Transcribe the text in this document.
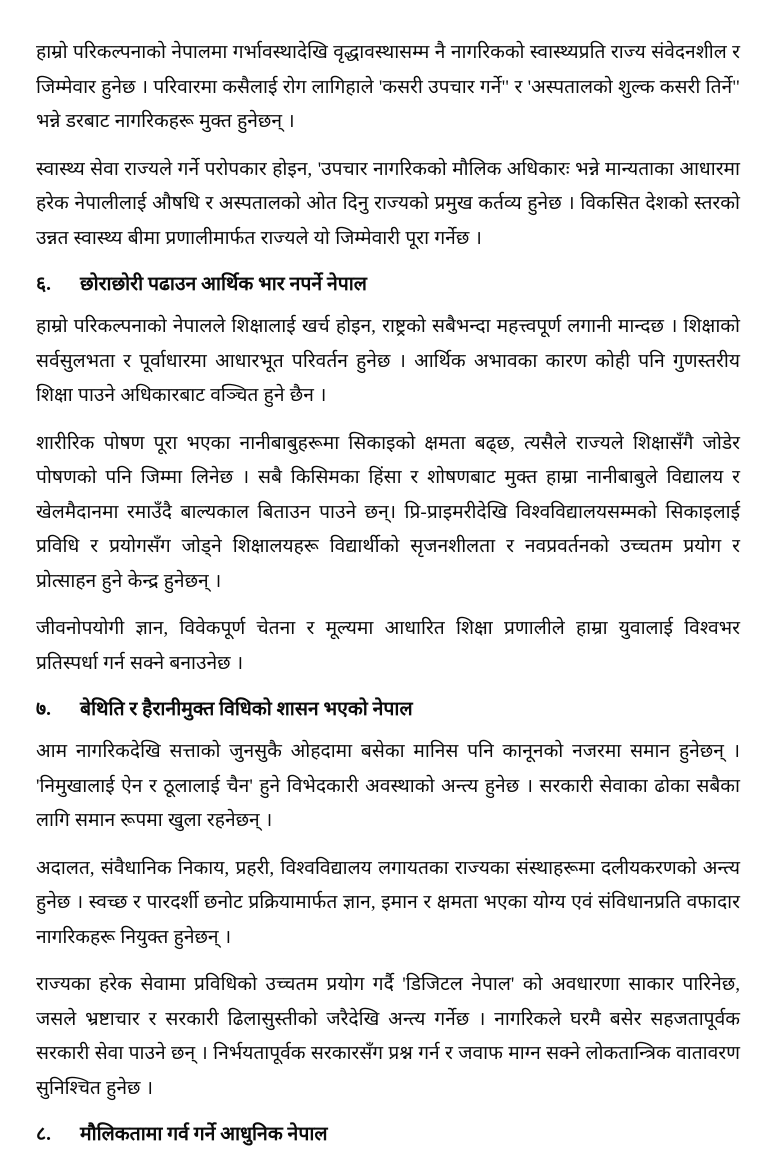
हाम्रो परिकल्पनाको नेपालमा गर्भावस्थादेखि वृद्धावस्थासम्म नै नागरिकको स्वास्थ्यप्रति राज्य संवेदनशील र जिम्मेवार हुनेछ । परिवारमा कसैलाई रोग लागिहाले 'कसरी उपचार गर्ने" र 'अस्पतालको शुल्क कसरी तिर्ने" भन्ने डरबाट नागरिकहरू मुक्त हुनेछन् ।

स्वास्थ्य सेवा राज्यले गर्ने परोपकार होइन, 'उपचार नागरिकको मौलिक अधिकारः भन्ने मान्यताका आधारमा हरेक नेपालीलाई औषधि र अस्पतालको ओत दिनु राज्यको प्रमुख कर्तव्य हुनेछ । विकसित देशको स्तरको उन्नत स्वास्थ्य बीमा प्रणालीमार्फत राज्यले यो जिम्मेवारी पूरा गर्नेछ ।

६.	छोराछोरी पढाउन आर्थिक भार नपर्ने नेपाल

हाम्रो परिकल्पनाको नेपालले शिक्षालाई खर्च होइन, राष्ट्रको सबैभन्दा महत्त्वपूर्ण लगानी मान्दछ । शिक्षाको सर्वसुलभता र पूर्वाधारमा आधारभूत परिवर्तन हुनेछ । आर्थिक अभावका कारण कोही पनि गुणस्तरीय शिक्षा पाउने अधिकारबाट वञ्चित हुने छैन ।

शारीरिक पोषण पूरा भएका नानीबाबुहरूमा सिकाइको क्षमता बढ्छ, त्यसैले राज्यले शिक्षासँगै जोडेर पोषणको पनि जिम्मा लिनेछ । सबै किसिमका हिंसा र शोषणबाट मुक्त हाम्रा नानीबाबुले विद्यालय र खेलमैदानमा रमाउँदै बाल्यकाल बिताउन पाउने छन्। प्रि-प्राइमरीदेखि विश्वविद्यालयसम्मको सिकाइलाई प्रविधि र प्रयोगसँग जोड्ने शिक्षालयहरू विद्यार्थीको सृजनशीलता र नवप्रवर्तनको उच्चतम प्रयोग र प्रोत्साहन हुने केन्द्र हुनेछन् ।

जीवनोपयोगी ज्ञान, विवेकपूर्ण चेतना र मूल्यमा आधारित शिक्षा प्रणालीले हाम्रा युवालाई विश्वभर प्रतिस्पर्धा गर्न सक्ने बनाउनेछ ।

७.	बेथिति र हैरानीमुक्त विधिको शासन भएको नेपाल

आम नागरिकदेखि सत्ताको जुनसुकै ओहदामा बसेका मानिस पनि कानूनको नजरमा समान हुनेछन् । 'निमुखालाई ऐन र ठूलालाई चैन' हुने विभेदकारी अवस्थाको अन्त्य हुनेछ । सरकारी सेवाका ढोका सबैका लागि समान रूपमा खुला रहनेछन् ।

अदालत, संवैधानिक निकाय, प्रहरी, विश्वविद्यालय लगायतका राज्यका संस्थाहरूमा दलीयकरणको अन्त्य हुनेछ । स्वच्छ र पारदर्शी छनोट प्रक्रियामार्फत ज्ञान, इमान र क्षमता भएका योग्य एवं संविधानप्रति वफादार नागरिकहरू नियुक्त हुनेछन् ।

राज्यका हरेक सेवामा प्रविधिको उच्चतम प्रयोग गर्दै 'डिजिटल नेपाल' को अवधारणा साकार पारिनेछ, जसले भ्रष्टाचार र सरकारी ढिलासुस्तीको जरैदेखि अन्त्य गर्नेछ । नागरिकले घरमै बसेर सहजतापूर्वक सरकारी सेवा पाउने छन् । निर्भयतापूर्वक सरकारसँग प्रश्न गर्न र जवाफ माग्न सक्ने लोकतान्त्रिक वातावरण सुनिश्चित हुनेछ ।

८.	मौलिकतामा गर्व गर्ने आधुनिक नेपाल
